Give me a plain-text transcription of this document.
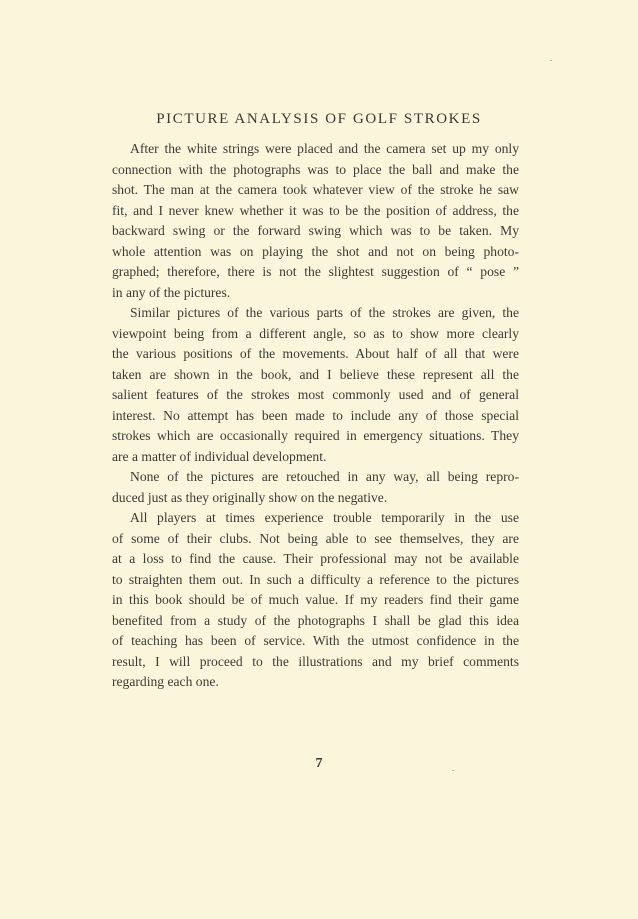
PICTURE ANALYSIS OF GOLF STROKES
After the white strings were placed and the camera set up my only
connection with the photographs was to place the ball and make the
shot. The man at the camera took whatever view of the stroke he saw
fit, and I never knew whether it was to be the position of address, the
backward swing or the forward swing which was to be taken. My
whole attention was on playing the shot and not on being photo-
graphed; therefore, there is not the slightest suggestion of “ pose ”
in any of the pictures.
Similar pictures of the various parts of the strokes are given, the
viewpoint being from a different angle, so as to show more clearly
the various positions of the movements. About half of all that were
taken are shown in the book, and I believe these represent all the
salient features of the strokes most commonly used and of general
interest. No attempt has been made to include any of those special
strokes which are occasionally required in emergency situations. They
are a matter of individual development.
None of the pictures are retouched in any way, all being repro-
duced just as they originally show on the negative.
All players at times experience trouble temporarily in the use
of some of their clubs. Not being able to see themselves, they are
at a loss to find the cause. Their professional may not be available
to straighten them out. In such a difficulty a reference to the pictures
in this book should be of much value. If my readers find their game
benefited from a study of the photographs I shall be glad this idea
of teaching has been of service. With the utmost confidence in the
result, I will proceed to the illustrations and my brief comments
regarding each one.
7
